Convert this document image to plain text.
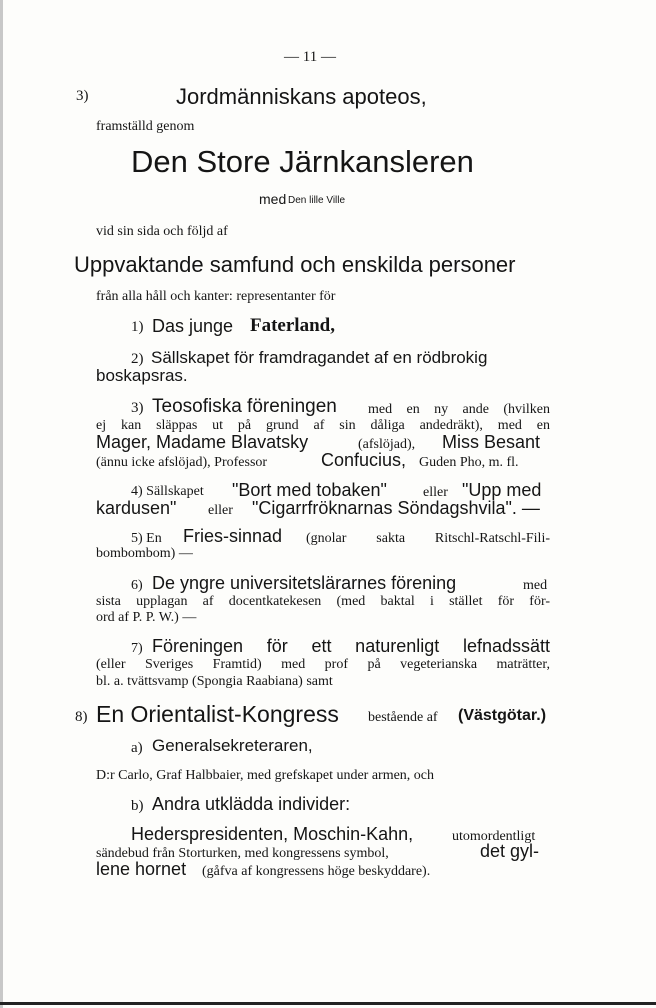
— 11 —
3)	Jordmänniskans apoteos,
framställd genom
Den Store Järnkansleren
med Den lille Ville
vid sin sida och följd af
Uppvaktande samfund och enskilda personer
från alla håll och kanter: representanter för
1) Das junge Faterland,
2) Sällskapet för framdragandet af en rödbrokig
boskapsras.
3) Teosofiska föreningen med en ny ande (hvilken
ej kan släppas ut på grund af sin dåliga andedräkt), med en
Mager, Madame Blavatsky	(afslöjad), Miss Besant
(ännu icke afslöjad), Professor	Confucius, Guden Pho, m. fl.
4) Sällskapet "Bort med tobaken"	eller "Upp med
kardusen" eller "Cigarrfröknarnas Söndagshvila". —
5) En Fries-sinnad (gnolar sakta Ritschl-Ratschl-Fili-
bombombom) —
6) De yngre universitetslärarnes förening	med
sista upplagan af docentkatekesen (med baktal i stället för för-
ord af P. P. W.) —
7) Föreningen för ett naturenligt lefnadssätt
(eller Sveriges Framtid) med prof på vegeterianska maträtter,
bl. a. tvättsvamp (Spongia Raabiana) samt
8) En Orientalist-Kongress bestående af (Västgötar.)
a) Generalsekreteraren,
D:r Carlo, Graf Halbbaier, med grefskapet under armen, och
b) Andra utklädda individer:
Hederspresidenten, Moschin-Kahn,	utomordentligt
sändebud från Storturken, med kongressens symbol,	det gyl-
lene hornet (gåfva af kongressens höge beskyddare).
